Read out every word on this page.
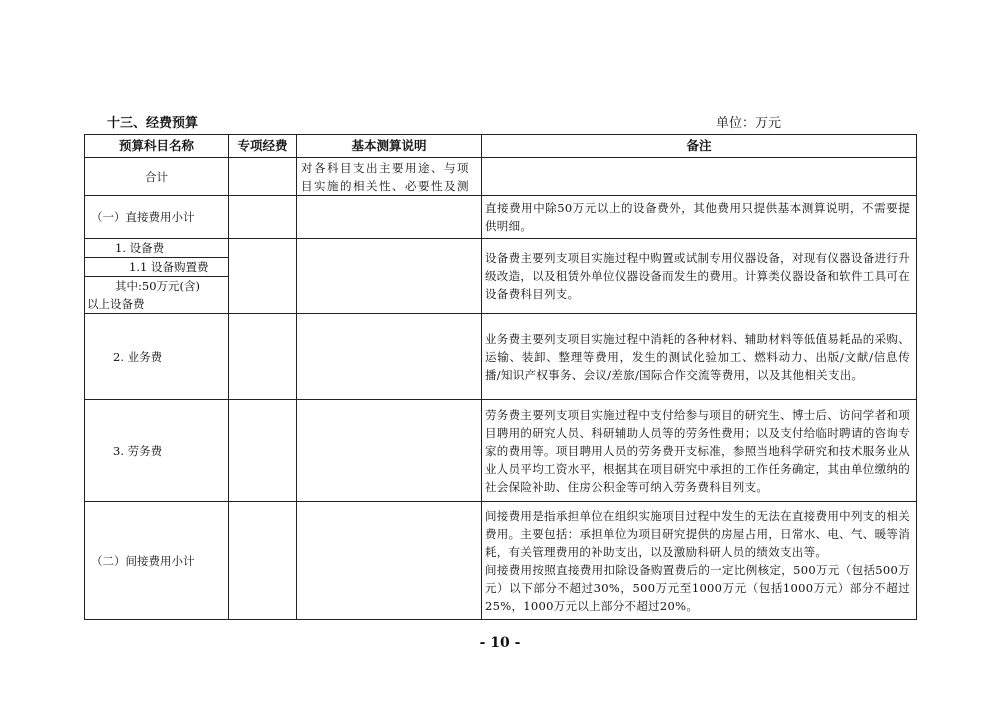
十三、经费预算	单位：万元
预算科目名称	专项经费	基本测算说明	备注
合计		对各科目支出主要用途、与项目实施的相关性、必要性及测	

（一）直接费用小计			直接费用中除50万元以上的设备费外，其他费用只提供基本测算说明，不需要提供明细。
1. 设备费			设备费主要列支项目实施过程中购置或试制专用仪器设备，对现有仪器设备进行升级改造，以及租赁外单位仪器设备而发生的费用。计算类仪器设备和软件工具可在设备费科目列支。
1.1 设备购置费			

其中:50万元(含)

以上设备费			

2. 业务费			业务费主要列支项目实施过程中消耗的各种材料、辅助材料等低值易耗品的采购、运输、装卸、整理等费用，发生的测试化验加工、燃料动力、出版/文献/信息传播/知识产权事务、会议/差旅/国际合作交流等费用，以及其他相关支出。
3. 劳务费			劳务费主要列支项目实施过程中支付给参与项目的研究生、博士后、访问学者和项目聘用的研究人员、科研辅助人员等的劳务性费用；以及支付给临时聘请的咨询专家的费用等。项目聘用人员的劳务费开支标准，参照当地科学研究和技术服务业从业人员平均工资水平，根据其在项目研究中承担的工作任务确定，其由单位缴纳的社会保险补助、住房公积金等可纳入劳务费科目列支。
（二）间接费用小计			间接费用是指承担单位在组织实施项目过程中发生的无法在直接费用中列支的相关费用。主要包括：承担单位为项目研究提供的房屋占用，日常水、电、气、暖等消耗，有关管理费用的补助支出，以及激励科研人员的绩效支出等。

间接费用按照直接费用扣除设备购置费后的一定比例核定，500万元（包括500万元）以下部分不超过30%，500万元至1000万元（包括1000万元）部分不超过25%，1000万元以上部分不超过20%。

- 10 -
